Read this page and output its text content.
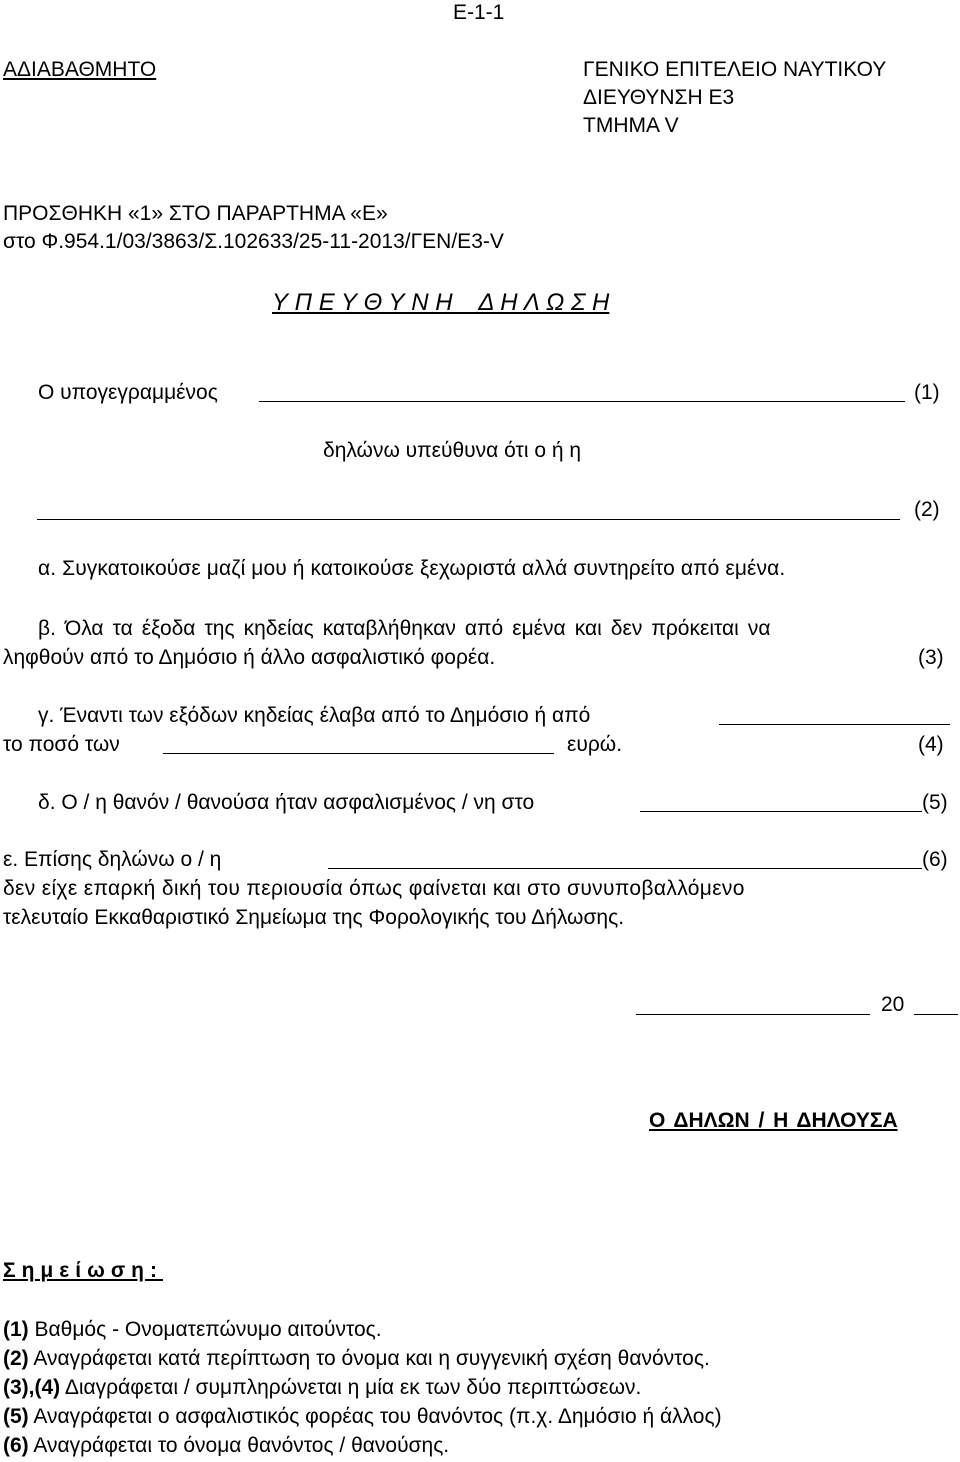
Ε-1-1
ΑΔΙΑΒΑΘΜΗΤΟ	ΓΕΝΙΚΟ ΕΠΙΤΕΛΕΙΟ ΝΑΥΤΙΚΟΥ
ΔΙΕΥΘΥΝΣΗ Ε3
ΤΜΗΜΑ V
ΠΡΟΣΘΗΚΗ «1» ΣΤΟ ΠΑΡΑΡΤΗΜΑ «Ε»
στο Φ.954.1/03/3863/Σ.102633/25-11-2013/ΓΕΝ/Ε3-V
Υ Π Ε Υ Θ Υ Ν Η    Δ Η Λ Ω Σ Η
Ο υπογεγραμμένος	(1)
δηλώνω υπεύθυνα ότι ο ή η
(2)
α. Συγκατοικούσε μαζί μου ή κατοικούσε ξεχωριστά αλλά συντηρείτο από εμένα.
β. Όλα τα έξοδα της κηδείας καταβλήθηκαν από εμένα και δεν πρόκειται να
ληφθούν από το Δημόσιο ή άλλο ασφαλιστικό φορέα.	(3)
γ. Έναντι των εξόδων κηδείας έλαβα από το Δημόσιο ή από
το ποσό των	ευρώ.	(4)
δ. Ο / η θανόν / θανούσα ήταν ασφαλισμένος / νη στο	(5)
ε. Επίσης δηλώνω ο / η	(6)
δεν είχε επαρκή δική του περιουσία όπως φαίνεται και στο συνυποβαλλόμενο
τελευταίο Εκκαθαριστικό Σημείωμα της Φορολογικής του Δήλωσης.
20
Ο ΔΗΛΩΝ / Η ΔΗΛΟΥΣΑ
Σημείωση:
(1) Βαθμός - Ονοματεπώνυμο αιτούντος.
(2) Αναγράφεται κατά περίπτωση το όνομα και η συγγενική σχέση θανόντος.
(3),(4) Διαγράφεται / συμπληρώνεται η μία εκ των δύο περιπτώσεων.
(5) Αναγράφεται ο ασφαλιστικός φορέας του θανόντος (π.χ. Δημόσιο ή άλλος)
(6) Αναγράφεται το όνομα θανόντος / θανούσης.
